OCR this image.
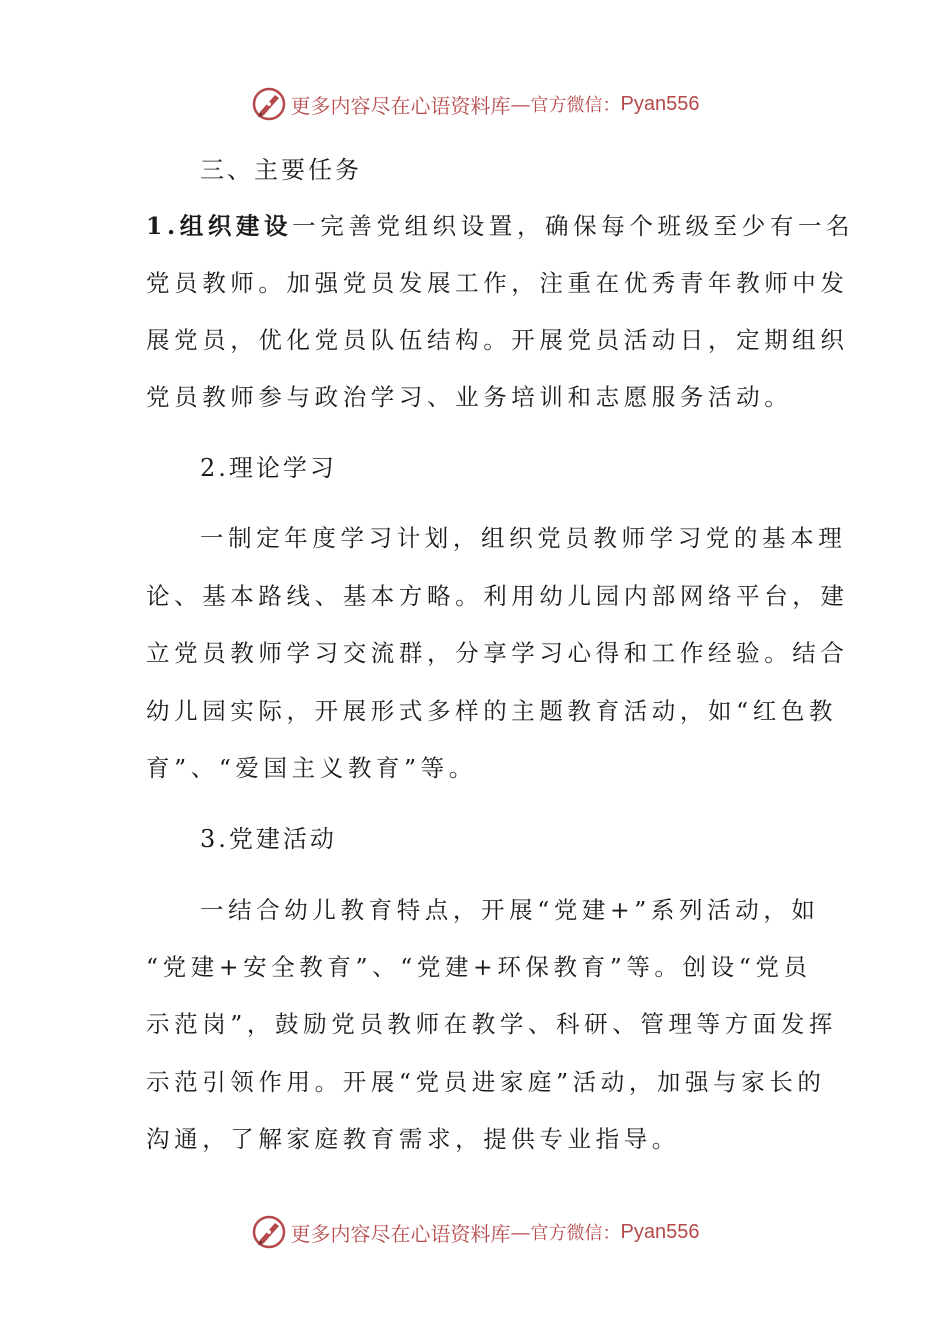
更多内容尽在心语资料库 — 官方微信： Pyan556
三、主要任务
1.组织建设一完善党组织设置，确保每个班级至少有一名
党员教师。加强党员发展工作，注重在优秀青年教师中发
展党员，优化党员队伍结构。开展党员活动日，定期组织
党员教师参与政治学习、业务培训和志愿服务活动。
2.理论学习
一制定年度学习计划，组织党员教师学习党的基本理
论、基本路线、基本方略。利用幼儿园内部网络平台，建
立党员教师学习交流群，分享学习心得和工作经验。结合
幼儿园实际，开展形式多样的主题教育活动，如“红色教
育”、“爱国主义教育”等。
3.党建活动
一结合幼儿教育特点，开展“党建+”系列活动，如
“党建+安全教育”、“党建+环保教育”等。创设“党员
示范岗”，鼓励党员教师在教学、科研、管理等方面发挥
示范引领作用。开展“党员进家庭”活动，加强与家长的
沟通，了解家庭教育需求，提供专业指导。
更多内容尽在心语资料库 — 官方微信： Pyan556
